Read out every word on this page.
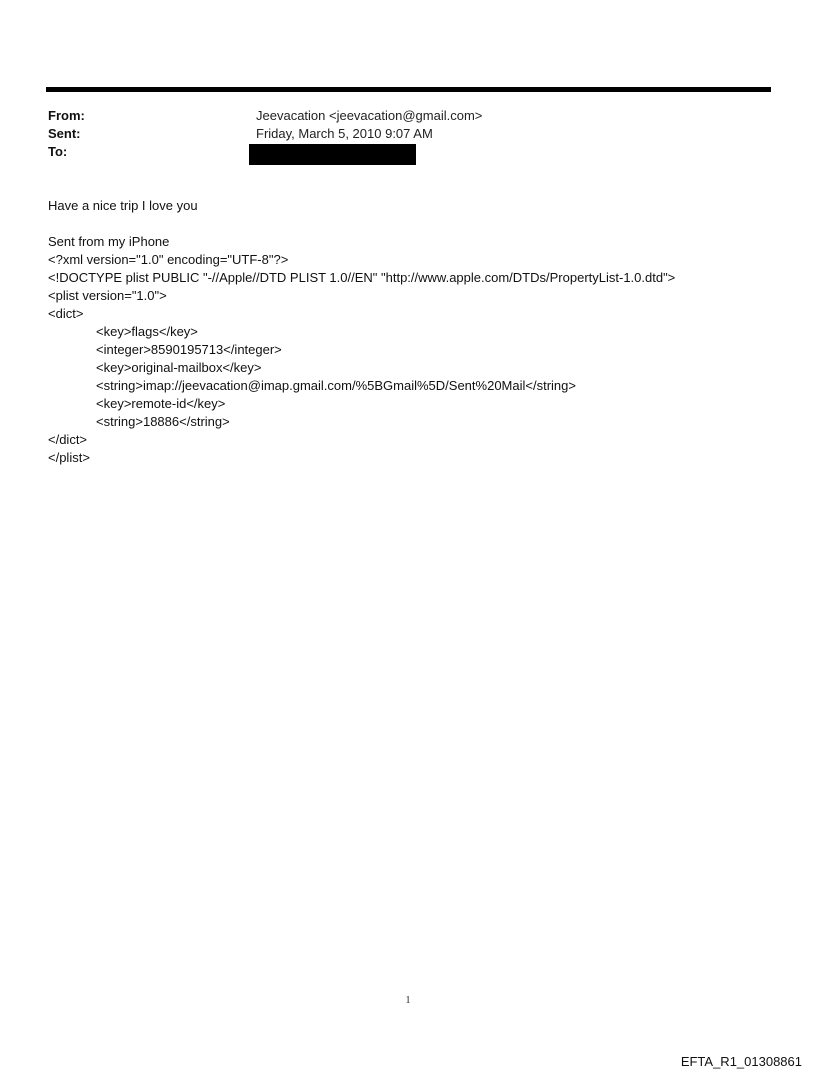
From:	Jeevacation <jeevacation@gmail.com>
Sent:	Friday, March 5, 2010 9:07 AM
To:
Have a nice trip I love you
Sent from my iPhone
<?xml version="1.0" encoding="UTF-8"?>
<!DOCTYPE plist PUBLIC "-//Apple//DTD PLIST 1.0//EN" "http://www.apple.com/DTDs/PropertyList-1.0.dtd">
<plist version="1.0">
<dict>
<key>flags</key>
<integer>8590195713</integer>
<key>original-mailbox</key>
<string>imap://jeevacation@imap.gmail.com/%5BGmail%5D/Sent%20Mail</string>
<key>remote-id</key>
<string>18886</string>
</dict>
</plist>
1
EFTA_R1_01308861
